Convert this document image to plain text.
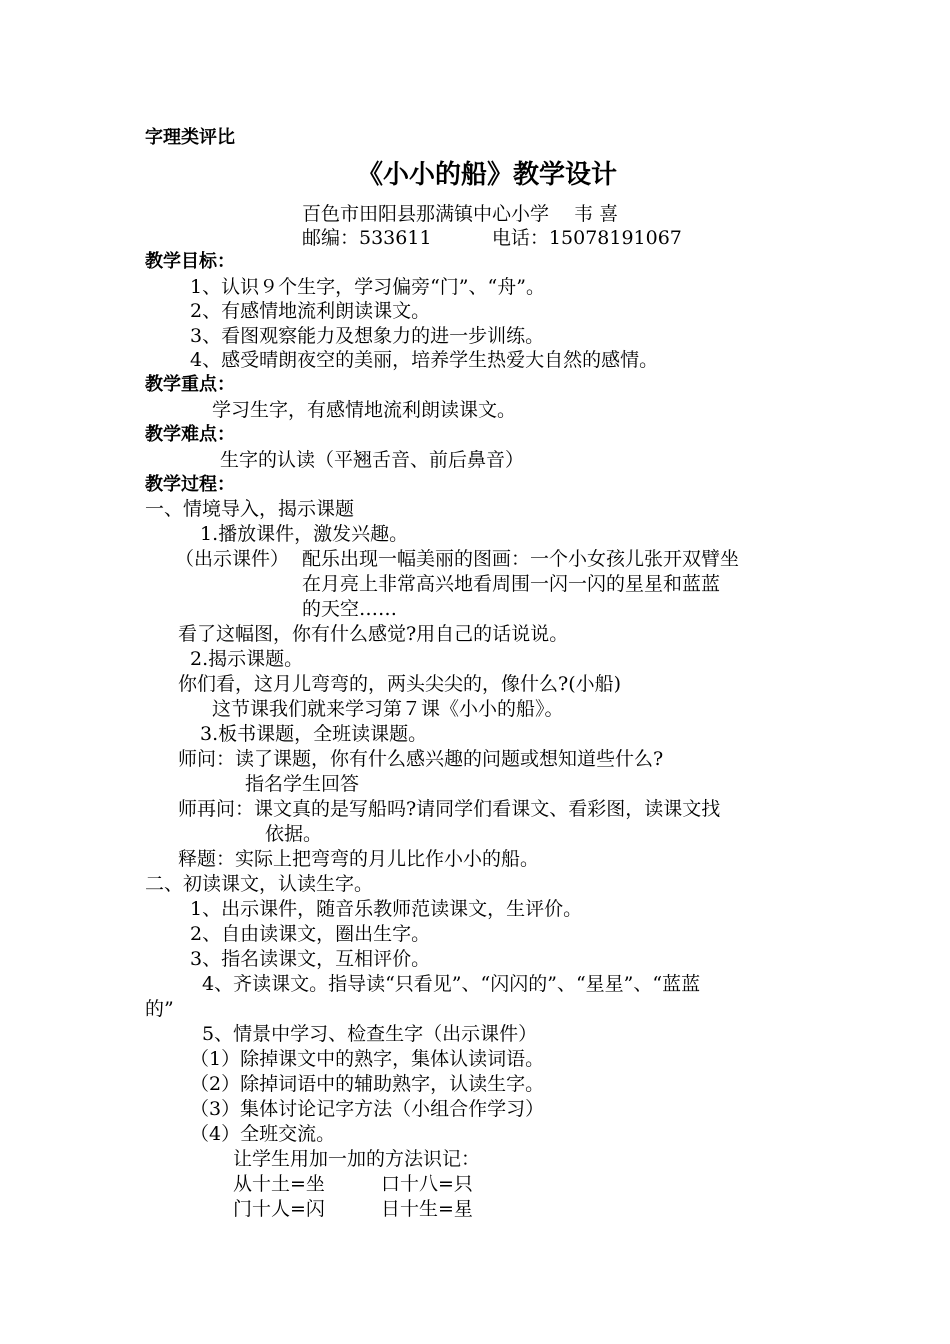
字理类评比
《小小的船》教学设计
百色市田阳县那满镇中心小学　 韦 喜
邮编：533611          电话：15078191067
教学目标：
1、认识９个生字，学习偏旁“门”、“舟”。
2、有感情地流利朗读课文。
3、看图观察能力及想象力的进一步训练。
4、感受晴朗夜空的美丽，培养学生热爱大自然的感情。
教学重点：
学习生字，有感情地流利朗读课文。
教学难点：
生字的认读（平翘舌音、前后鼻音）
教学过程：
一、情境导入，揭示课题
1.播放课件，激发兴趣。
（出示课件） 配乐出现一幅美丽的图画：一个小女孩儿张开双臂坐
在月亮上非常高兴地看周围一闪一闪的星星和蓝蓝
的天空……
看了这幅图，你有什么感觉?用自己的话说说。
2.揭示课题。
你们看，这月儿弯弯的，两头尖尖的，像什么?(小船)
这节课我们就来学习第７课《小小的船》。
3.板书课题，全班读课题。
师问：读了课题，你有什么感兴趣的问题或想知道些什么?
指名学生回答
师再问：课文真的是写船吗?请同学们看课文、看彩图，读课文找
依据。
释题：实际上把弯弯的月儿比作小小的船。
二、初读课文，认读生字。
1、出示课件，随音乐教师范读课文，生评价。
2、自由读课文，圈出生字。
3、指名读课文，互相评价。
4、齐读课文。指导读“只看见”、“闪闪的”、“星星”、“蓝蓝
的”
5、情景中学习、检查生字（出示课件）
（1）除掉课文中的熟字，集体认读词语。
（2）除掉词语中的辅助熟字，认读生字。
（3）集体讨论记字方法（小组合作学习）
（4）全班交流。
让学生用加一加的方法识记：
从十土=坐	口十八=只
门十人=闪	日十生=星
